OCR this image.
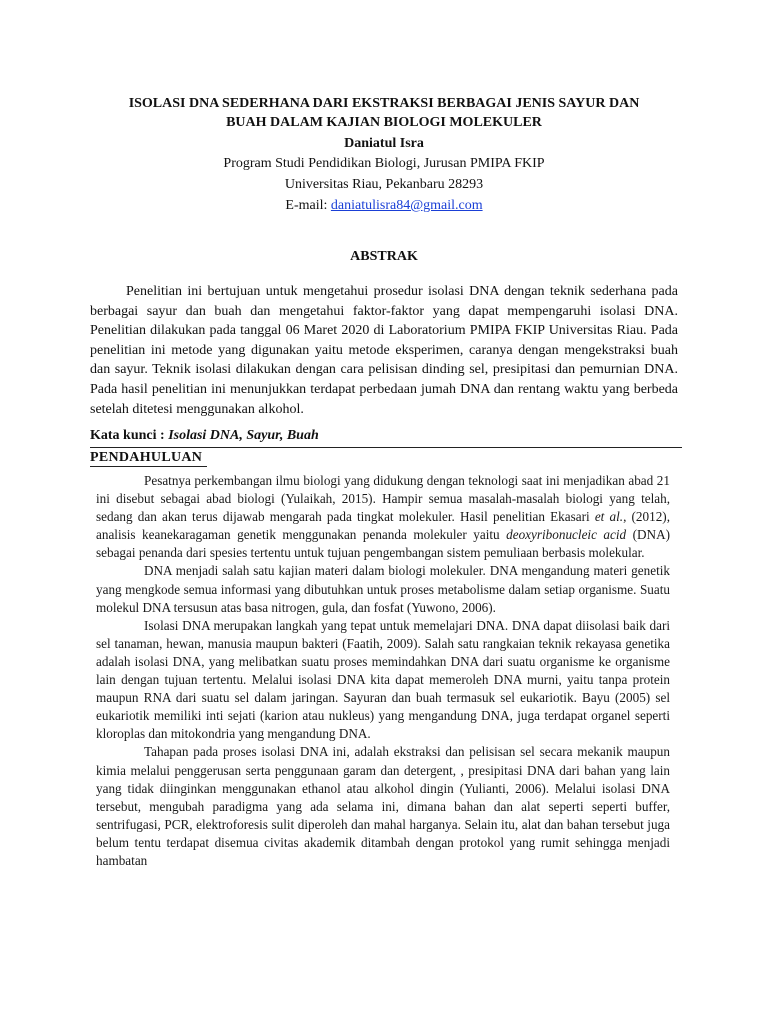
ISOLASI DNA SEDERHANA DARI EKSTRAKSI BERBAGAI JENIS SAYUR DAN
BUAH DALAM KAJIAN BIOLOGI MOLEKULER
Daniatul Isra
Program Studi Pendidikan Biologi, Jurusan PMIPA FKIP
Universitas Riau, Pekanbaru 28293
E-mail: daniatulisra84@gmail.com
ABSTRAK
Penelitian ini bertujuan untuk mengetahui prosedur isolasi DNA dengan teknik sederhana pada berbagai sayur dan buah dan mengetahui faktor-faktor yang dapat mempengaruhi isolasi DNA. Penelitian dilakukan pada tanggal 06 Maret 2020 di Laboratorium PMIPA FKIP Universitas Riau. Pada penelitian ini metode yang digunakan yaitu metode eksperimen, caranya dengan mengekstraksi buah dan sayur. Teknik isolasi dilakukan dengan cara pelisisan dinding sel, presipitasi dan pemurnian DNA. Pada hasil penelitian ini menunjukkan terdapat perbedaan jumah DNA dan rentang waktu yang berbeda setelah ditetesi menggunakan alkohol.
Kata kunci : Isolasi DNA, Sayur, Buah
PENDAHULUAN

Pesatnya perkembangan ilmu biologi yang didukung dengan teknologi saat ini menjadikan abad 21 ini disebut sebagai abad biologi (Yulaikah, 2015). Hampir semua masalah-masalah biologi yang telah, sedang dan akan terus dijawab mengarah pada tingkat molekuler. Hasil penelitian Ekasari et al., (2012), analisis keanekaragaman genetik menggunakan penanda molekuler yaitu deoxyribonucleic acid (DNA) sebagai penanda dari spesies tertentu untuk tujuan pengembangan sistem pemuliaan berbasis molekular.

DNA menjadi salah satu kajian materi dalam biologi molekuler. DNA mengandung materi genetik yang mengkode semua informasi yang dibutuhkan untuk proses metabolisme dalam setiap organisme. Suatu molekul DNA tersusun atas basa nitrogen, gula, dan fosfat (Yuwono, 2006).

Isolasi DNA merupakan langkah yang tepat untuk memelajari DNA. DNA dapat diisolasi baik dari sel tanaman, hewan, manusia maupun bakteri (Faatih, 2009). Salah satu rangkaian teknik rekayasa genetika adalah isolasi DNA, yang melibatkan suatu proses memindahkan DNA dari suatu organisme ke organisme lain dengan tujuan tertentu. Melalui isolasi DNA kita dapat memeroleh DNA murni, yaitu tanpa protein maupun RNA dari suatu sel dalam jaringan. Sayuran dan buah termasuk sel eukariotik. Bayu (2005) sel eukariotik memiliki inti sejati (karion atau nukleus) yang mengandung DNA, juga terdapat organel seperti kloroplas dan mitokondria yang mengandung DNA.

Tahapan pada proses isolasi DNA ini, adalah ekstraksi dan pelisisan sel secara mekanik maupun kimia melalui penggerusan serta penggunaan garam dan detergent, , presipitasi DNA dari bahan yang lain yang tidak diinginkan menggunakan ethanol atau alkohol dingin (Yulianti, 2006). Melalui isolasi DNA tersebut, mengubah paradigma yang ada selama ini, dimana bahan dan alat seperti seperti buffer, sentrifugasi, PCR, elektroforesis sulit diperoleh dan mahal harganya. Selain itu, alat dan bahan tersebut juga belum tentu terdapat disemua civitas akademik ditambah dengan protokol yang rumit sehingga menjadi hambatan
